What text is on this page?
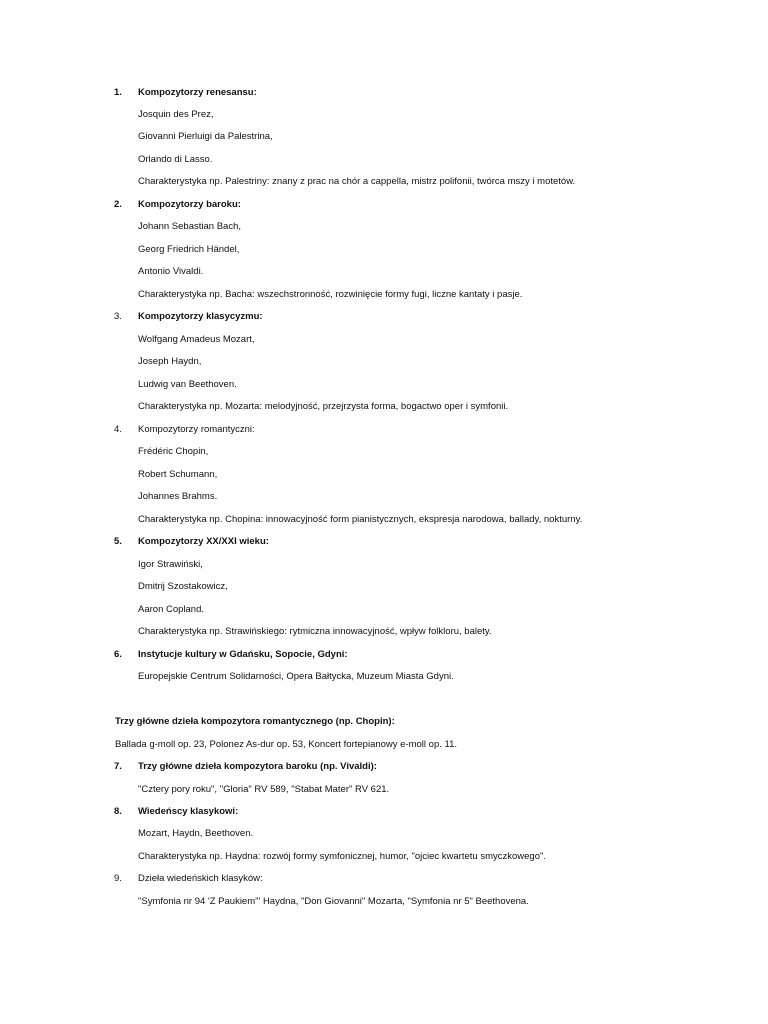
1. Kompozytorzy renesansu:
Josquin des Prez,
Giovanni Pierluigi da Palestrina,
Orlando di Lasso.
Charakterystyka np. Palestriny: znany z prac na chór a cappella, mistrz polifonii, twórca mszy i motetów.
2. Kompozytorzy baroku:
Johann Sebastian Bach,
Georg Friedrich Händel,
Antonio Vivaldi.
Charakterystyka np. Bacha: wszechstronność, rozwinięcie formy fugi, liczne kantaty i pasje.
3. Kompozytorzy klasycyzmu:
Wolfgang Amadeus Mozart,
Joseph Haydn,
Ludwig van Beethoven.
Charakterystyka np. Mozarta: melodyjność, przejrzysta forma, bogactwo oper i symfonii.
4. Kompozytorzy romantyczni:
Frédéric Chopin,
Robert Schumann,
Johannes Brahms.
Charakterystyka np. Chopina: innowacyjność form pianistycznych, ekspresja narodowa, ballady, nokturny.
5. Kompozytorzy XX/XXI wieku:
Igor Strawiński,
Dmitrij Szostakowicz,
Aaron Copland.
Charakterystyka np. Strawińskiego: rytmiczna innowacyjność, wpływ folkloru, balety.
6. Instytucje kultury w Gdańsku, Sopocie, Gdyni:
Europejskie Centrum Solidarności, Opera Bałtycka, Muzeum Miasta Gdyni.
Trzy główne dzieła kompozytora romantycznego (np. Chopin):
Ballada g-moll op. 23, Polonez As-dur op. 53, Koncert fortepianowy e-moll op. 11.
7. Trzy główne dzieła kompozytora baroku (np. Vivaldi):
"Cztery pory roku", "Gloria" RV 589, "Stabat Mater" RV 621.
8. Wiedeńscy klasykowi:
Mozart, Haydn, Beethoven.
Charakterystyka np. Haydna: rozwój formy symfonicznej, humor, "ojciec kwartetu smyczkowego".
9. Dzieła wiedeńskich klasyków:
"Symfonia nr 94 'Z Paukiem'" Haydna, "Don Giovanni" Mozarta, "Symfonia nr 5" Beethovena.
